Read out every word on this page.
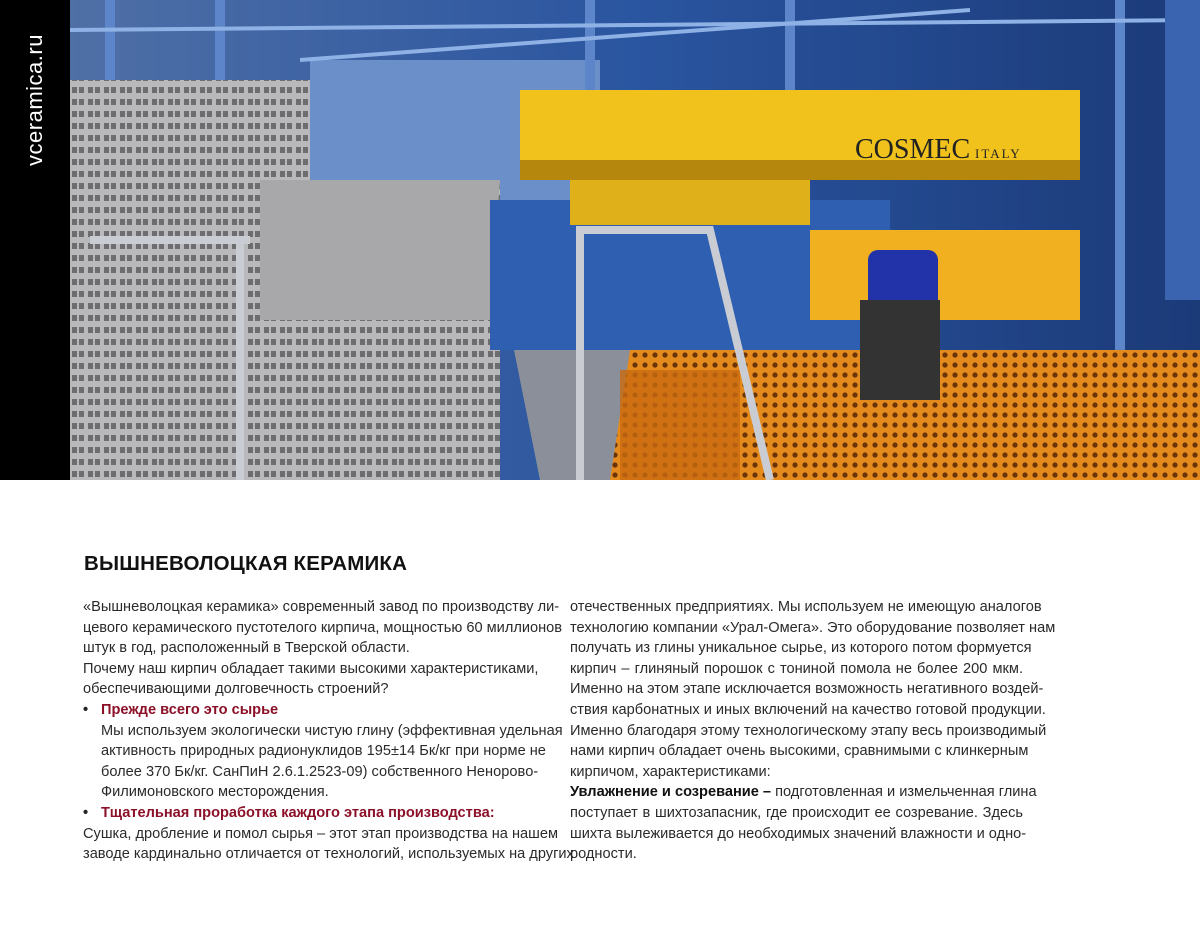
vceramica.ru	COSMEC ITALY
ВЫШНЕВОЛОЦКАЯ КЕРАМИКА
«Вышневолоцкая керамика» современный завод по производству ли-
цевого керамического пустотелого кирпича, мощностью 60 миллионов
штук в год, расположенный в Тверской области.
Почему наш кирпич обладает такими высокими характеристиками,
обеспечивающими долговечность строений?
• Прежде всего это сырье
Мы используем экологически чистую глину (эффективная удельная
активность природных радионуклидов 195±14 Бк/кг при норме не
более 370 Бк/кг. СанПиН 2.6.1.2523-09) собственного Неноровo-
Филимоновского месторождения.
• Тщательная проработка каждого этапа производства:
Сушка, дробление и помол сырья – этот этап производства на нашем
заводе кардинально отличается от технологий, используемых на других
отечественных предприятиях. Мы используем не имеющую аналогов
технологию компании «Урал-Омега». Это оборудование позволяет нам
получать из глины уникальное сырье, из которого потом формуется
кирпич – глиняный порошок с тониной помола не более 200 мкм.
Именно на этом этапе исключается возможность негативного воздей-
ствия карбонатных и иных включений на качество готовой продукции.
Именно благодаря этому технологическому этапу весь производимый
нами кирпич обладает очень высокими, сравнимыми с клинкерным
кирпичом, характеристиками:
Увлажнение и созревание – подготовленная и измельченная глина
поступает в шихтозапасник, где происходит ее созревание. Здесь
шихта вылеживается до необходимых значений влажности и одно-
родности.
